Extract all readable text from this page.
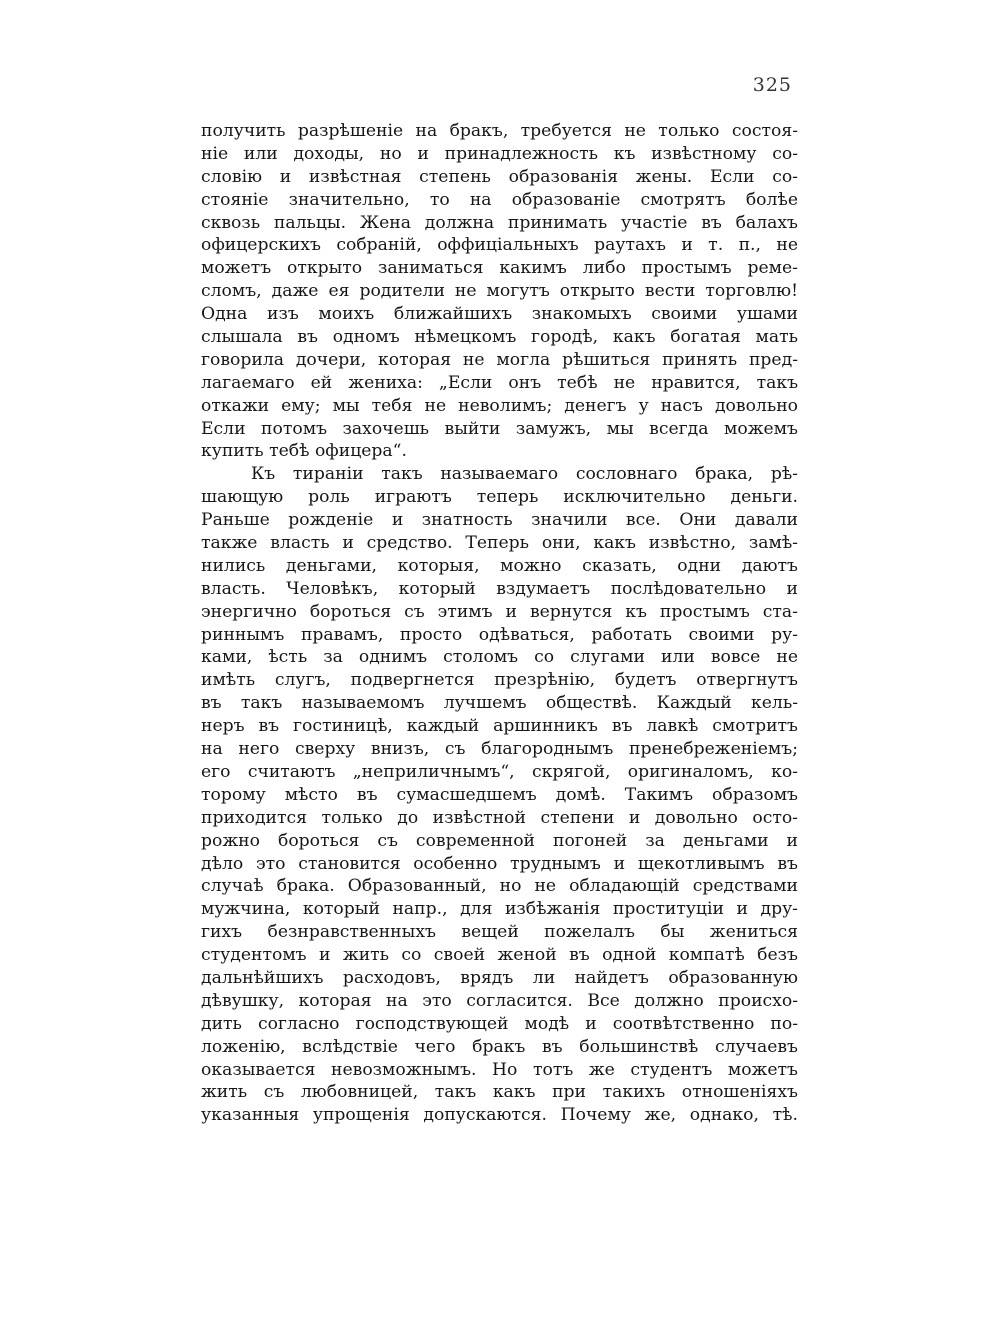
325
получить разрѣшеніе на бракъ, требуется не только состоя-
ніе или доходы, но и принадлежность къ извѣстному со-
словію и извѣстная степень образованія жены. Если со-
стояніе значительно, то на образованіе смотрятъ болѣе
сквозь пальцы. Жена должна принимать участіе въ балахъ
офицерскихъ собраній, оффиціальныхъ раутахъ и т. п., не
можетъ открыто заниматься какимъ либо простымъ реме-
сломъ, даже ея родители не могутъ открыто вести торговлю!
Одна изъ моихъ ближайшихъ знакомыхъ своими ушами
слышала въ одномъ нѣмецкомъ городѣ, какъ богатая мать
говорила дочери, которая не могла рѣшиться принять пред-
лагаемаго ей жениха: „Если онъ тебѣ не нравится, такъ
откажи ему; мы тебя не неволимъ; денегъ у насъ довольно
Если потомъ захочешь выйти замужъ, мы всегда можемъ
купить тебѣ офицера“.
Къ тираніи такъ называемаго сословнаго брака, рѣ-
шающую роль играютъ теперь исключительно деньги.
Раньше рожденіе и знатность значили все. Они давали
также власть и средство. Теперь они, какъ извѣстно, замѣ-
нились деньгами, которыя, можно сказать, одни даютъ
власть. Человѣкъ, который вздумаетъ послѣдовательно и
энергично бороться съ этимъ и вернутся къ простымъ ста-
риннымъ правамъ, просто одѣваться, работать своими ру-
ками, ѣсть за однимъ столомъ со слугами или вовсе не
имѣть слугъ, подвергнется презрѣнію, будетъ отвергнутъ
въ такъ называемомъ лучшемъ обществѣ. Каждый кель-
неръ въ гостиницѣ, каждый аршинникъ въ лавкѣ смотритъ
на него сверху внизъ, съ благороднымъ пренебреженіемъ;
его считаютъ „неприличнымъ“, скрягой, оригиналомъ, ко-
торому мѣсто въ сумасшедшемъ домѣ. Такимъ образомъ
приходится только до извѣстной степени и довольно осто-
рожно бороться съ современной погоней за деньгами и
дѣло это становится особенно труднымъ и щекотливымъ въ
случаѣ брака. Образованный, но не обладающій средствами
мужчина, который напр., для избѣжанія проституціи и дру-
гихъ безнравственныхъ вещей пожелалъ бы жениться
студентомъ и жить со своей женой въ одной компатѣ безъ
дальнѣйшихъ расходовъ, врядъ ли найдетъ образованную
дѣвушку, которая на это согласится. Все должно происхо-
дить согласно господствующей модѣ и соотвѣтственно по-
ложенію, вслѣдствіе чего бракъ въ большинствѣ случаевъ
оказывается невозможнымъ. Но тотъ же студентъ можетъ
жить съ любовницей, такъ какъ при такихъ отношеніяхъ
указанныя упрощенія допускаются. Почему же, однако, тѣ.
